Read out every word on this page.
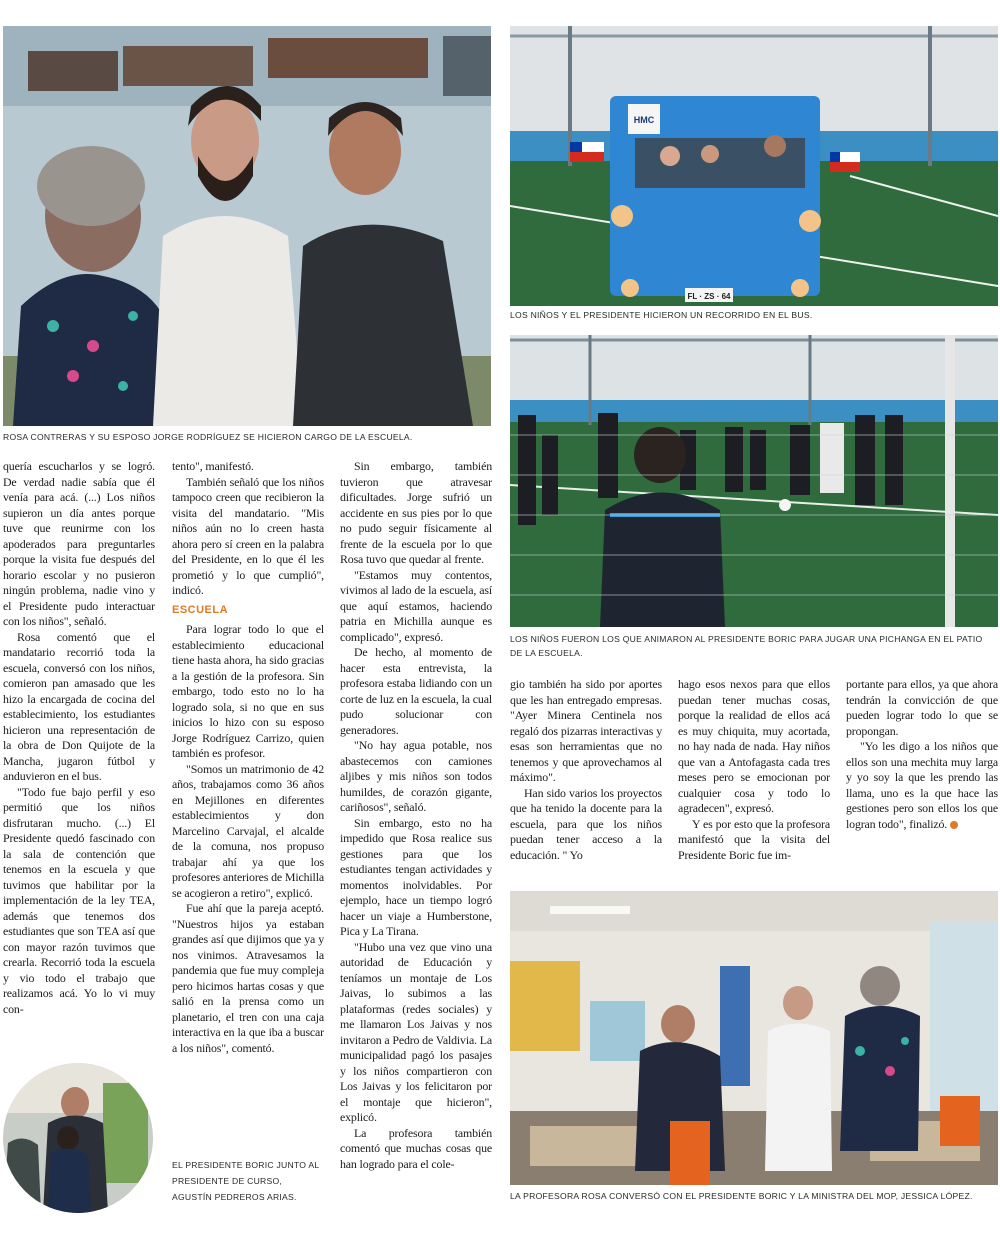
ROSA CONTRERAS Y SU ESPOSO JORGE RODRÍGUEZ SE HICIERON CARGO DE LA ESCUELA.

HMC
FL · ZS · 64

LOS NIÑOS Y EL PRESIDENTE HICIERON UN RECORRIDO EN EL BUS.

LOS NIÑOS FUERON LOS QUE ANIMARON AL PRESIDENTE BORIC PARA JUGAR UNA PICHANGA EN EL PATIO DE LA ESCUELA.

quería escucharlos y se logró. De verdad nadie sabía que él venía para acá. (...) Los niños supieron un día antes porque tuve que reunirme con los apoderados para preguntarles porque la visita fue después del horario escolar y no pusieron ningún problema, nadie vino y el Presidente pudo interactuar con los niños", señaló.

Rosa comentó que el mandatario recorrió toda la escuela, conversó con los niños, comieron pan amasado que les hizo la encargada de cocina del establecimiento, los estudiantes hicieron una representación de la obra de Don Quijote de la Mancha, jugaron fútbol y anduvieron en el bus.

"Todo fue bajo perfil y eso permitió que los niños disfrutaran mucho. (...) El Presidente quedó fascinado con la sala de contención que tenemos en la escuela y que tuvimos que habilitar por la implementación de la ley TEA, además que tenemos dos estudiantes que son TEA así que con mayor razón tuvimos que crearla. Recorrió toda la escuela y vio todo el trabajo que realizamos acá. Yo lo vi muy con-

tento", manifestó.

También señaló que los niños tampoco creen que recibieron la visita del mandatario. "Mis niños aún no lo creen hasta ahora pero sí creen en la palabra del Presidente, en lo que él les prometió y lo que cumplió", indicó.

ESCUELA

Para lograr todo lo que el establecimiento educacional tiene hasta ahora, ha sido gracias a la gestión de la profesora. Sin embargo, todo esto no lo ha logrado sola, si no que en sus inicios lo hizo con su esposo Jorge Rodríguez Carrizo, quien también es profesor.

"Somos un matrimonio de 42 años, trabajamos como 36 años en Mejillones en diferentes establecimientos y don Marcelino Carvajal, el alcalde de la comuna, nos propuso trabajar ahí ya que los profesores anteriores de Michilla se acogieron a retiro", explicó.

Fue ahí que la pareja aceptó. "Nuestros hijos ya estaban grandes así que dijimos que ya y nos vinimos. Atravesamos la pandemia que fue muy compleja pero hicimos hartas cosas y que salió en la prensa como un planetario, el tren con una caja interactiva en la que iba a buscar a los niños", comentó.

Sin embargo, también tuvieron que atravesar dificultades. Jorge sufrió un accidente en sus pies por lo que no pudo seguir físicamente al frente de la escuela por lo que Rosa tuvo que quedar al frente.

"Estamos muy contentos, vivimos al lado de la escuela, así que aquí estamos, haciendo patria en Michilla aunque es complicado", expresó.

De hecho, al momento de hacer esta entrevista, la profesora estaba lidiando con un corte de luz en la escuela, la cual pudo solucionar con generadores.

"No hay agua potable, nos abastecemos con camiones aljibes y mis niños son todos humildes, de corazón gigante, cariñosos", señaló.

Sin embargo, esto no ha impedido que Rosa realice sus gestiones para que los estudiantes tengan actividades y momentos inolvidables. Por ejemplo, hace un tiempo logró hacer un viaje a Humberstone, Pica y La Tirana.

"Hubo una vez que vino una autoridad de Educación y teníamos un montaje de Los Jaivas, lo subimos a las plataformas (redes sociales) y me llamaron Los Jaivas y nos invitaron a Pedro de Valdivia. La municipalidad pagó los pasajes y los niños compartieron con Los Jaivas y los felicitaron por el montaje que hicieron", explicó.

La profesora también comentó que muchas cosas que han logrado para el cole-

gio también ha sido por aportes que les han entregado empresas. "Ayer Minera Centinela nos regaló dos pizarras interactivas y esas son herramientas que no tenemos y que aprovechamos al máximo".

Han sido varios los proyectos que ha tenido la docente para la escuela, para que los niños puedan tener acceso a la educación. " Yo

hago esos nexos para que ellos puedan tener muchas cosas, porque la realidad de ellos acá es muy chiquita, muy acortada, no hay nada de nada. Hay niños que van a Antofagasta cada tres meses pero se emocionan por cualquier cosa y todo lo agradecen", expresó.

Y es por esto que la profesora manifestó que la visita del Presidente Boric fue im-

portante para ellos, ya que ahora tendrán la convicción de que pueden lograr todo lo que se propongan.

"Yo les digo a los niños que ellos son una mechita muy larga y yo soy la que les prendo las llama, uno es la que hace las gestiones pero son ellos los que logran todo", finalizó.

EL PRESIDENTE BORIC JUNTO AL
PRESIDENTE DE CURSO,
AGUSTÍN PEDREROS ARIAS.	LA PROFESORA ROSA CONVERSÓ CON EL PRESIDENTE BORIC Y LA MINISTRA DEL MOP, JESSICA LÓPEZ.
